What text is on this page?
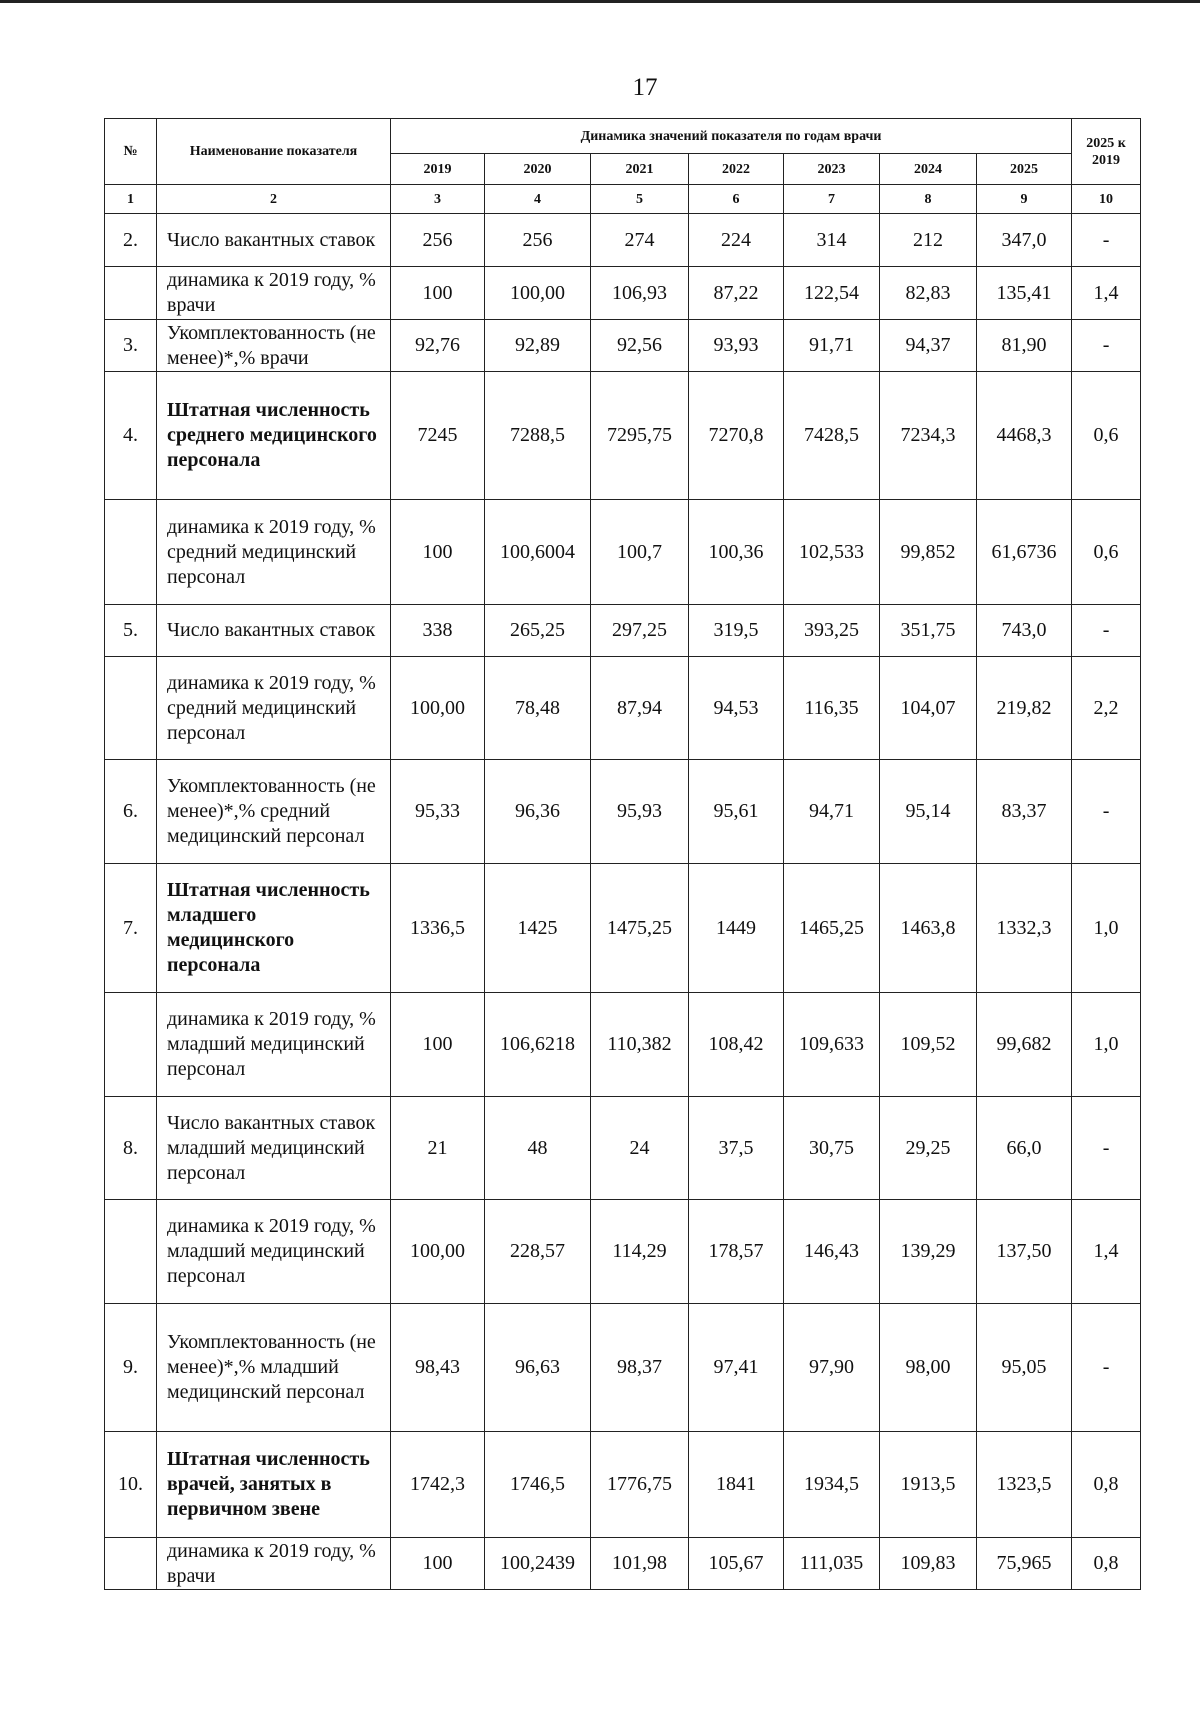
17
№	Наименование показателя	Динамика значений показателя по годам врачи							2025 к 2019
		2019	2020	2021	2022	2023	2024	2025	
1	2	3	4	5	6	7	8	9	10
2.	Число вакантных ставок	256	256	274	224	314	212	347,0	-
	динамика к 2019 году, % врачи	100	100,00	106,93	87,22	122,54	82,83	135,41	1,4
3.	Укомплектованность (не менее)*,% врачи	92,76	92,89	92,56	93,93	91,71	94,37	81,90	-
4.	Штатная численность среднего медицинского персонала	7245	7288,5	7295,75	7270,8	7428,5	7234,3	4468,3	0,6
	динамика к 2019 году, % средний медицинский персонал	100	100,6004	100,7	100,36	102,533	99,852	61,6736	0,6
5.	Число вакантных ставок	338	265,25	297,25	319,5	393,25	351,75	743,0	-
	динамика к 2019 году, % средний медицинский персонал	100,00	78,48	87,94	94,53	116,35	104,07	219,82	2,2
6.	Укомплектованность (не менее)*,% средний медицинский персонал	95,33	96,36	95,93	95,61	94,71	95,14	83,37	-
7.	Штатная численность младшего медицинского персонала	1336,5	1425	1475,25	1449	1465,25	1463,8	1332,3	1,0
	динамика к 2019 году, % младший медицинский персонал	100	106,6218	110,382	108,42	109,633	109,52	99,682	1,0
8.	Число вакантных ставок младший медицинский персонал	21	48	24	37,5	30,75	29,25	66,0	-
	динамика к 2019 году, % младший медицинский персонал	100,00	228,57	114,29	178,57	146,43	139,29	137,50	1,4
9.	Укомплектованность (не менее)*,% младший медицинский персонал	98,43	96,63	98,37	97,41	97,90	98,00	95,05	-
10.	Штатная численность врачей, занятых в первичном звене	1742,3	1746,5	1776,75	1841	1934,5	1913,5	1323,5	0,8
	динамика к 2019 году, % врачи	100	100,2439	101,98	105,67	111,035	109,83	75,965	0,8
